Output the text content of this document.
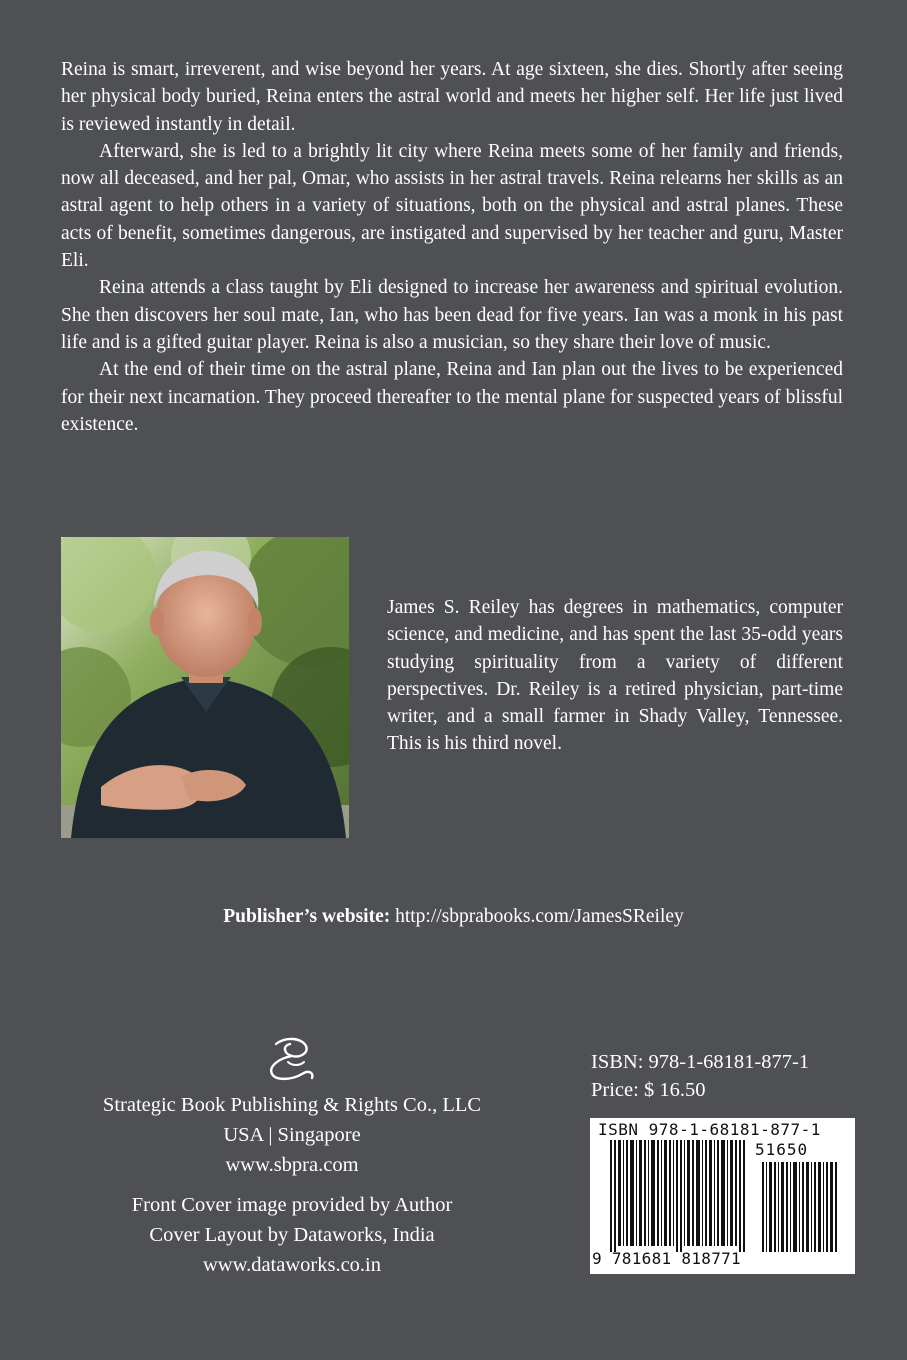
Reina is smart, irreverent, and wise beyond her years. At age sixteen, she dies. Shortly after seeing her physical body buried, Reina enters the astral world and meets her higher self. Her life just lived is reviewed instantly in detail.

Afterward, she is led to a brightly lit city where Reina meets some of her family and friends, now all deceased, and her pal, Omar, who assists in her astral travels. Reina relearns her skills as an astral agent to help others in a variety of situations, both on the physical and astral planes. These acts of benefit, sometimes dangerous, are instigated and supervised by her teacher and guru, Master Eli.

Reina attends a class taught by Eli designed to increase her awareness and spiritual evolution. She then discovers her soul mate, Ian, who has been dead for five years. Ian was a monk in his past life and is a gifted guitar player. Reina is also a musician, so they share their love of music.

At the end of their time on the astral plane, Reina and Ian plan out the lives to be experienced for their next incarnation. They proceed thereafter to the mental plane for suspected years of blissful existence.

James S. Reiley has degrees in mathematics, computer science, and medicine, and has spent the last 35-odd years studying spirituality from a variety of different perspectives. Dr. Reiley is a retired physician, part-time writer, and a small farmer in Shady Valley, Tennessee. This is his third novel.

Publisher’s website: http://sbprabooks.com/JamesSReiley
Strategic Book Publishing & Rights Co., LLC
USA | Singapore
www.sbpra.com
Front Cover image provided by Author
Cover Layout by Dataworks, India
www.dataworks.co.in
ISBN: 978-1-68181-877-1
Price: $ 16.50
ISBN 978-1-68181-877-1
51650
9 781681 818771
